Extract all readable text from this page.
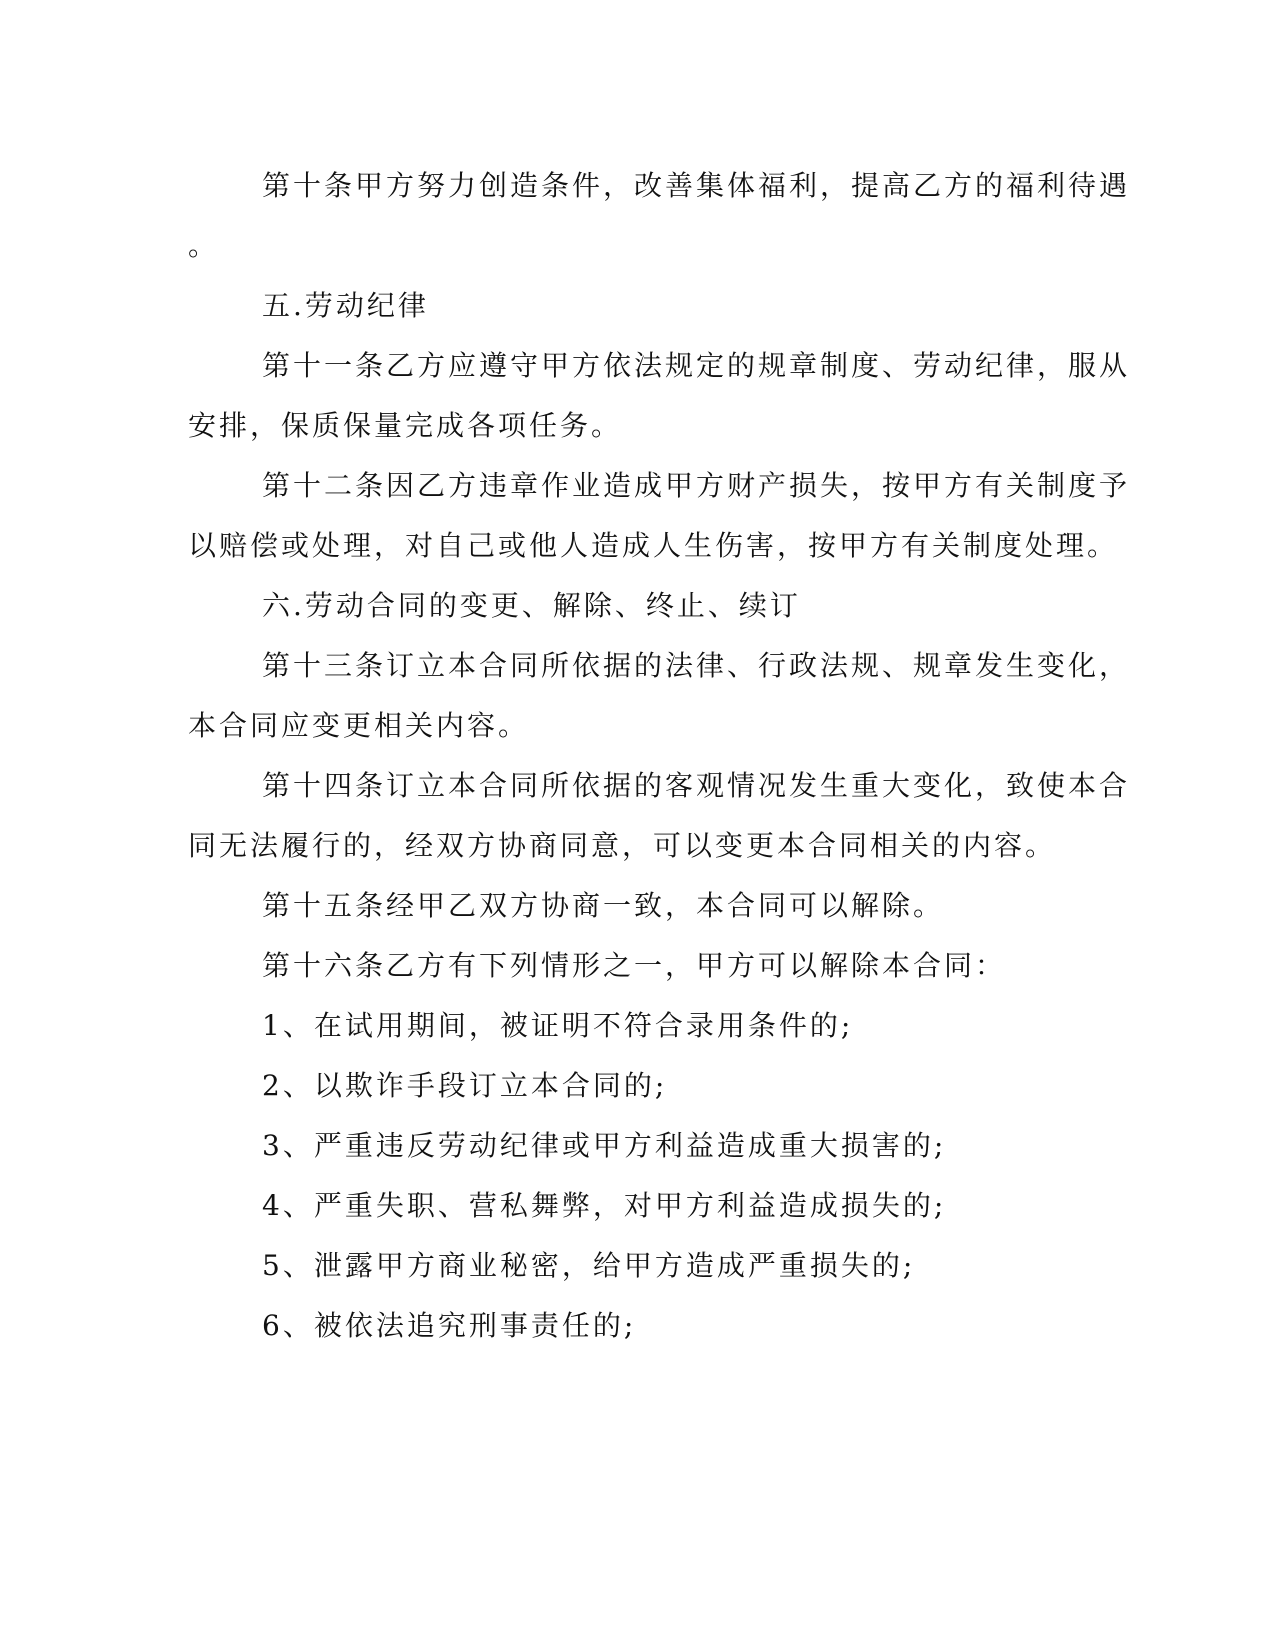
第十条甲方努力创造条件，改善集体福利，提高乙方的福利待遇

。

五.劳动纪律

第十一条乙方应遵守甲方依法规定的规章制度、劳动纪律，服从

安排，保质保量完成各项任务。

第十二条因乙方违章作业造成甲方财产损失，按甲方有关制度予

以赔偿或处理，对自己或他人造成人生伤害，按甲方有关制度处理。

六.劳动合同的变更、解除、终止、续订

第十三条订立本合同所依据的法律、行政法规、规章发生变化，

本合同应变更相关内容。

第十四条订立本合同所依据的客观情况发生重大变化，致使本合

同无法履行的，经双方协商同意，可以变更本合同相关的内容。

第十五条经甲乙双方协商一致，本合同可以解除。

第十六条乙方有下列情形之一，甲方可以解除本合同：

1、在试用期间，被证明不符合录用条件的;

2、以欺诈手段订立本合同的;

3、严重违反劳动纪律或甲方利益造成重大损害的;

4、严重失职、营私舞弊，对甲方利益造成损失的;

5、泄露甲方商业秘密，给甲方造成严重损失的;

6、被依法追究刑事责任的;
